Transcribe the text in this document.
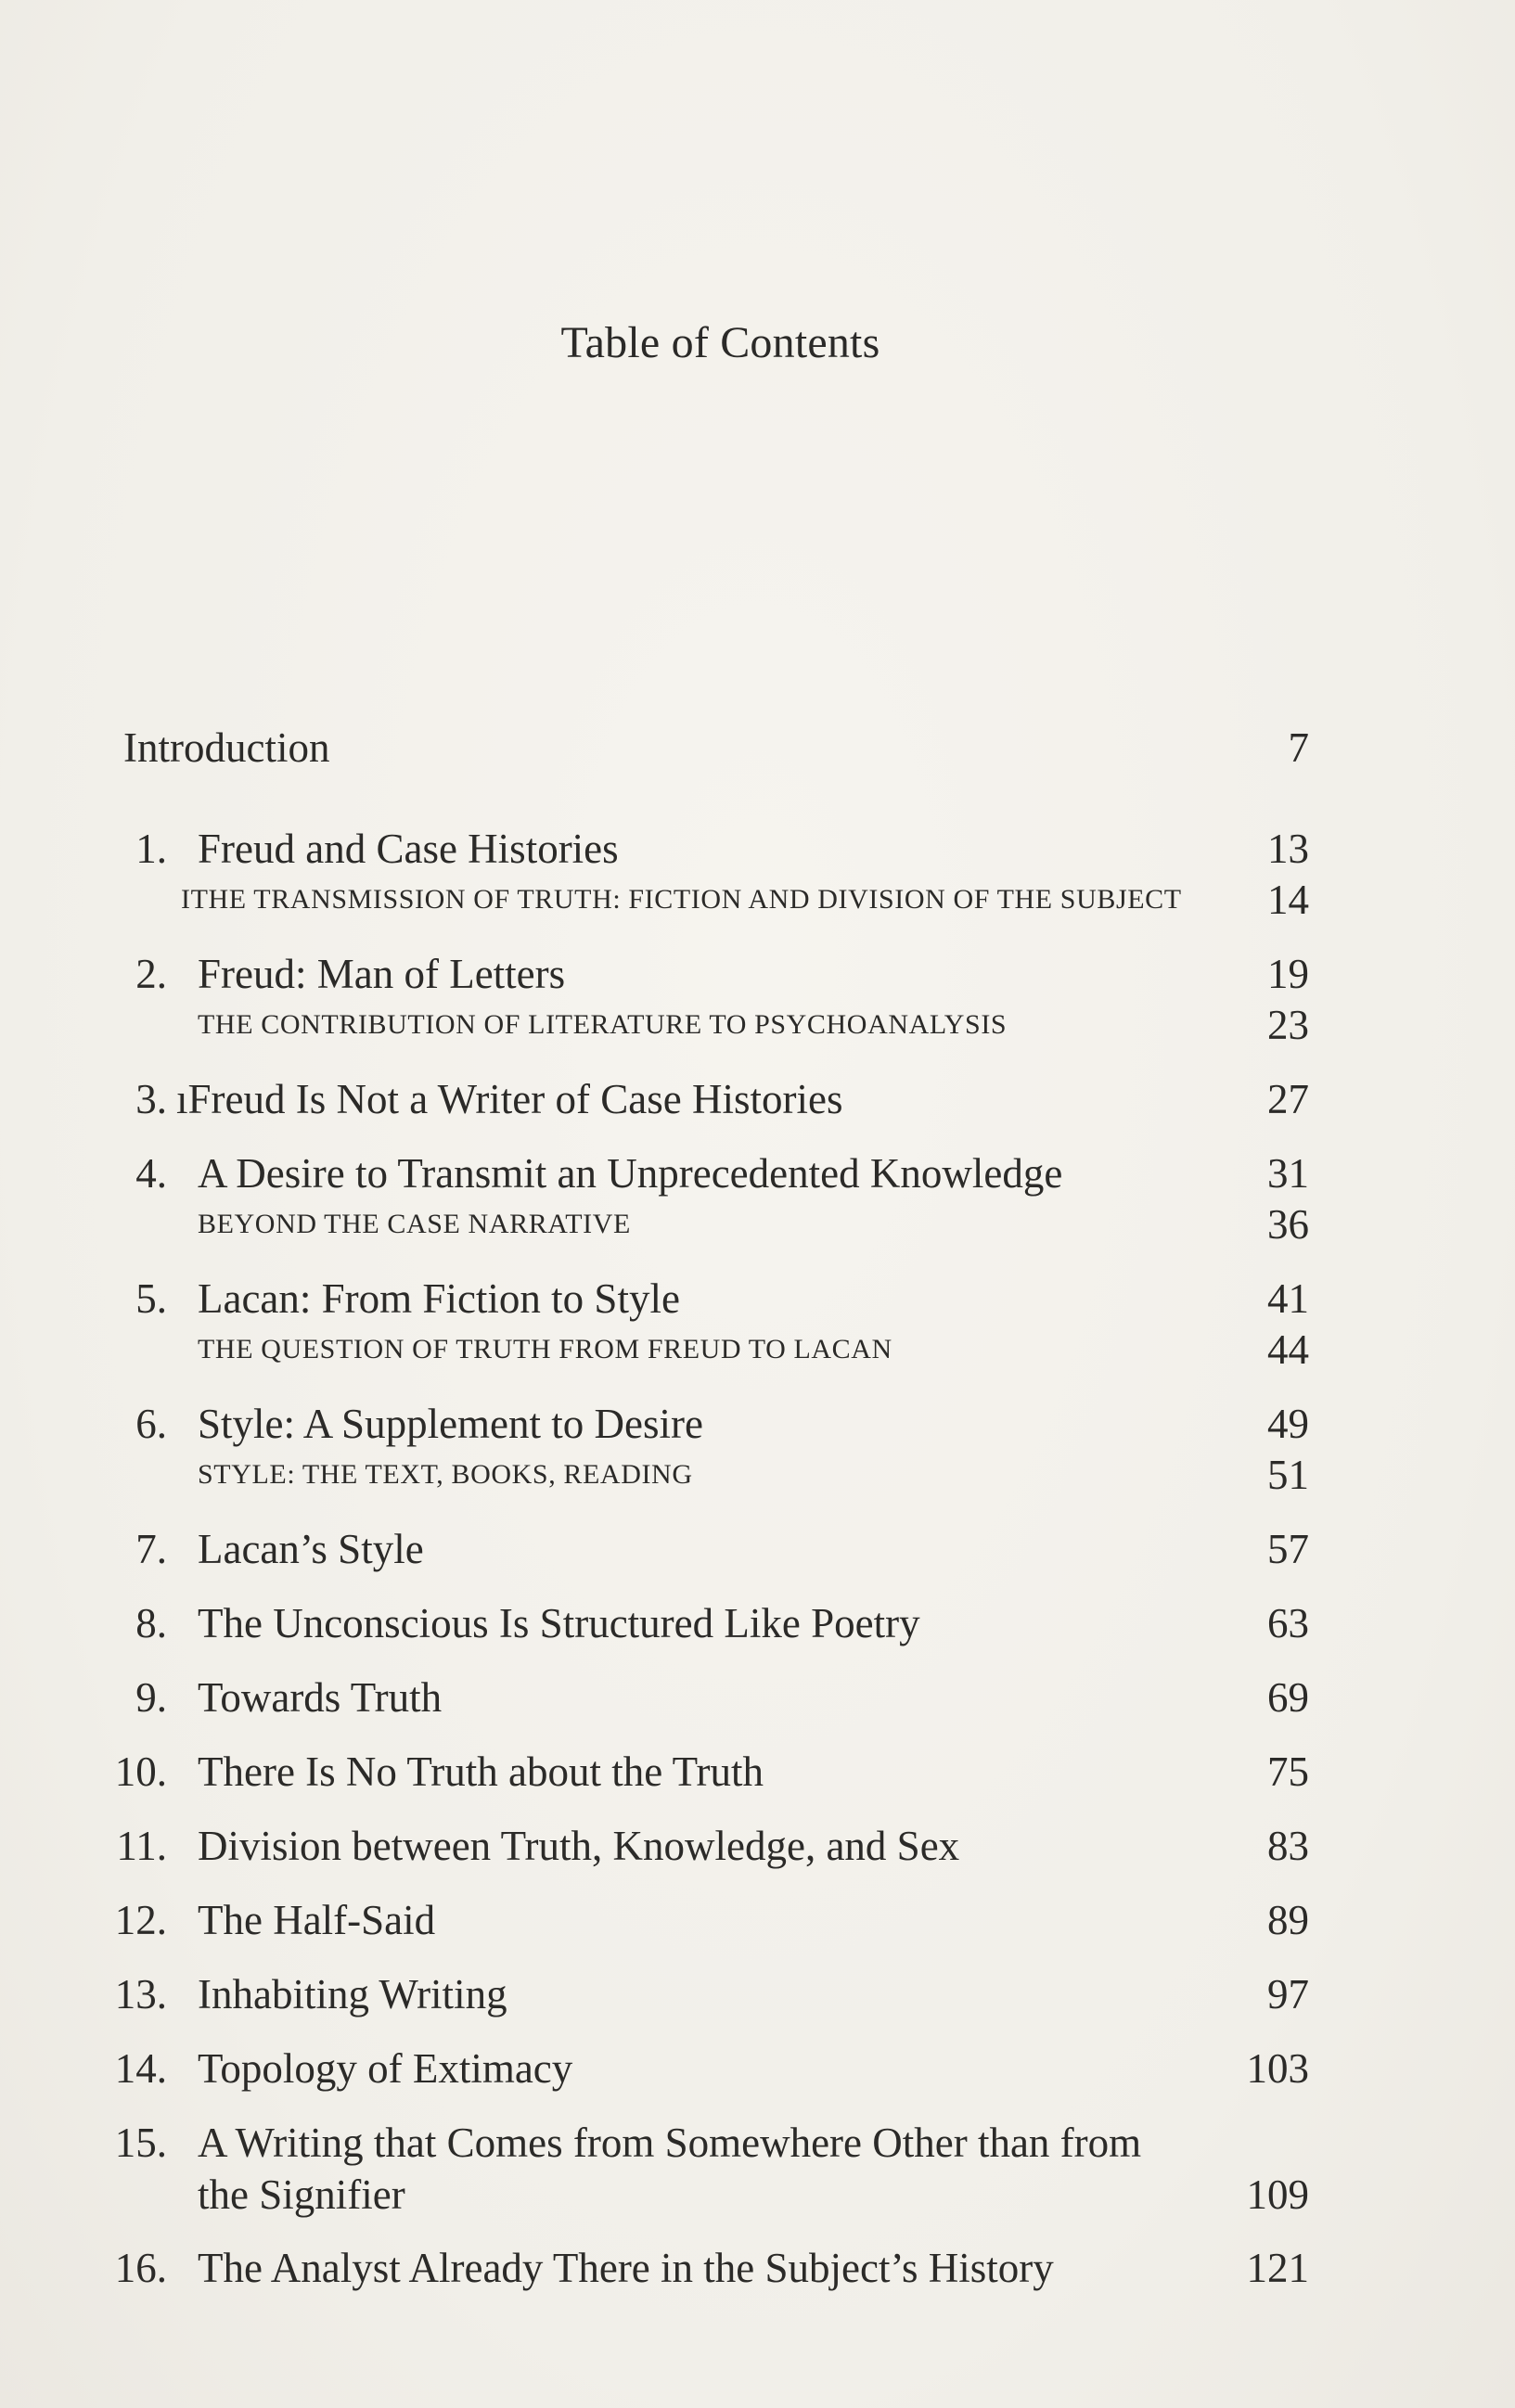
Table of Contents
Introduction	7
1. Freud and Case Histories	13
ITHE TRANSMISSION OF TRUTH: FICTION AND DIVISION OF THE SUBJECT 14
2. Freud: Man of Letters	19
THE CONTRIBUTION OF LITERATURE TO PSYCHOANALYSIS	23
3. ıFreud Is Not a Writer of Case Histories	27
4. A Desire to Transmit an Unprecedented Knowledge	31
BEYOND THE CASE NARRATIVE	36
5. Lacan: From Fiction to Style	41
THE QUESTION OF TRUTH FROM FREUD TO LACAN	44
6. Style: A Supplement to Desire	49
STYLE: THE TEXT, BOOKS, READING	51
7. Lacan’s Style	57
8. The Unconscious Is Structured Like Poetry	63
9. Towards Truth	69
10. There Is No Truth about the Truth	75
11. Division between Truth, Knowledge, and Sex	83
12. The Half-Said	89
13. Inhabiting Writing	97
14. Topology of Extimacy	103
15. A Writing that Comes from Somewhere Other than from
the Signifier	109
16. The Analyst Already There in the Subject’s History	121
